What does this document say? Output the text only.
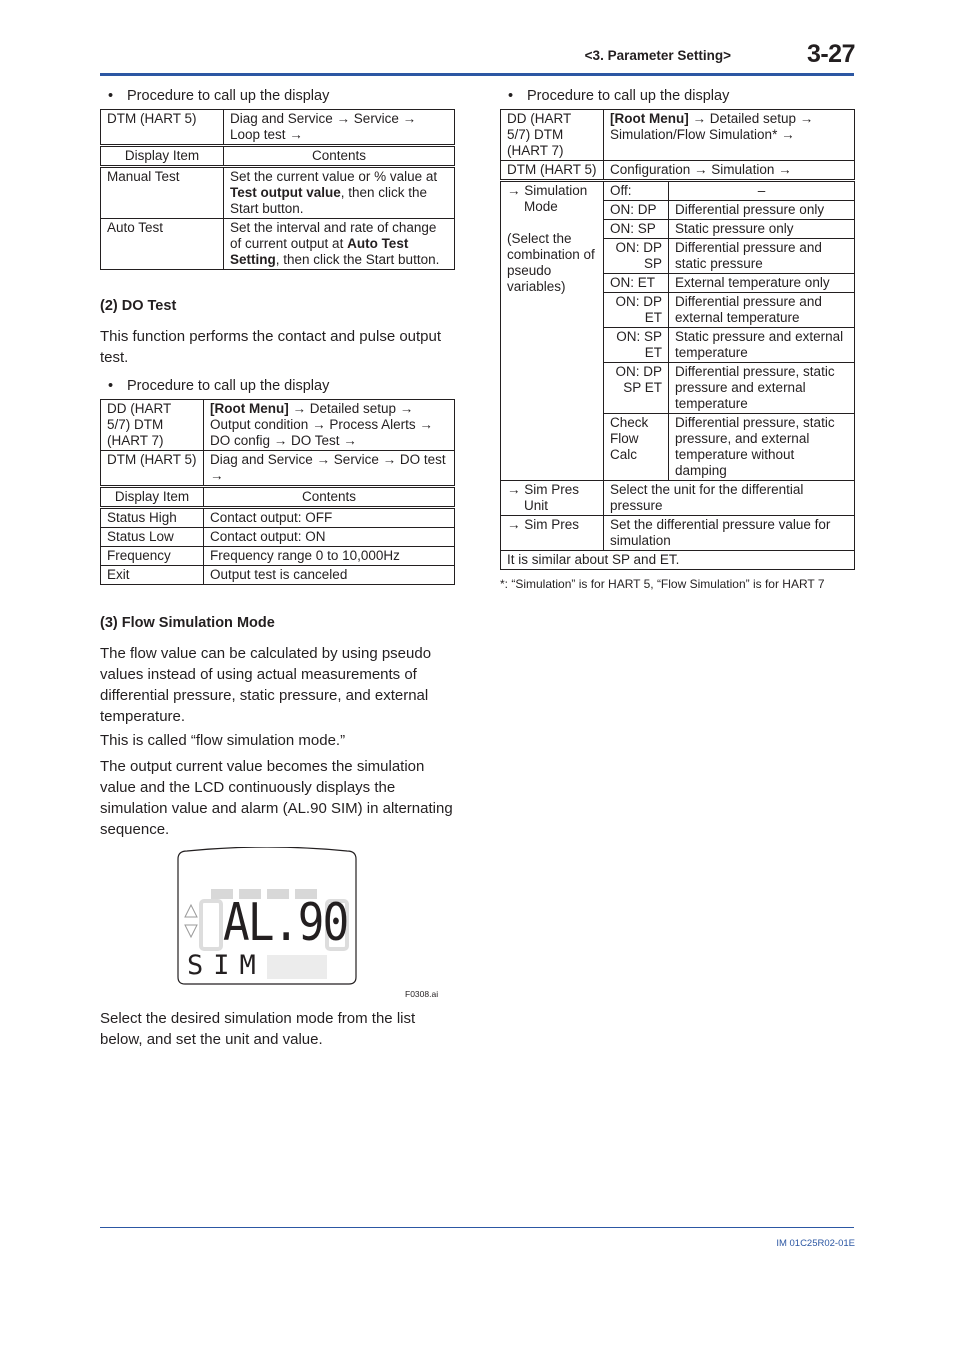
<3. Parameter Setting>	3-27
• Procedure to call up the display
DTM (HART 5)	Diag and Service → Service → Loop test →
Display Item	Contents
Manual Test	Set the current value or % value at Test output value, then click the Start button.
Auto Test	Set the interval and rate of change of current output at Auto Test Setting, then click the Start button.
(2) DO Test
This function performs the contact and pulse output test.
• Procedure to call up the display
DD (HART 5/7) DTM (HART 7)	[Root Menu] → Detailed setup → Output condition → Process Alerts → DO config → DO Test →
DTM (HART 5)	Diag and Service → Service → DO test →
Display Item	Contents
Status High	Contact output: OFF
Status Low	Contact output: ON
Frequency	Frequency range 0 to 10,000Hz
Exit	Output test is canceled
(3) Flow Simulation Mode
The flow value can be calculated by using pseudo values instead of using actual measurements of differential pressure, static pressure, and external temperature.
This is called “flow simulation mode.”
The output current value becomes the simulation value and the LCD continuously displays the simulation value and alarm (AL.90 SIM) in alternating sequence.
AL.90
SIM
F0308.ai
Select the desired simulation mode from the list below, and set the unit and value.
• Procedure to call up the display
DD (HART 5/7) DTM (HART 7)	[Root Menu] → Detailed setup → Simulation/Flow Simulation* →	
DTM (HART 5)	Configuration → Simulation →	

→ Simulation Mode
(Select the combination of pseudo variables)	Off:	–
	ON: DP	Differential pressure only
	ON: SP	Static pressure only
	ON: DP SP	Differential pressure and static pressure
	ON: ET	External temperature only
	ON: DP ET	Differential pressure and external temperature
	ON: SP ET	Static pressure and external temperature
	ON: DP SP ET	Differential pressure, static pressure and external temperature
	Check Flow Calc	Differential pressure, static pressure, and external temperature without damping
→ Sim Pres Unit	Select the unit for the differential pressure	
→ Sim Pres	Set the differential pressure value for simulation	
It is similar about SP and ET.		
*: “Simulation” is for HART 5, “Flow Simulation” is for HART 7
IM 01C25R02-01E
